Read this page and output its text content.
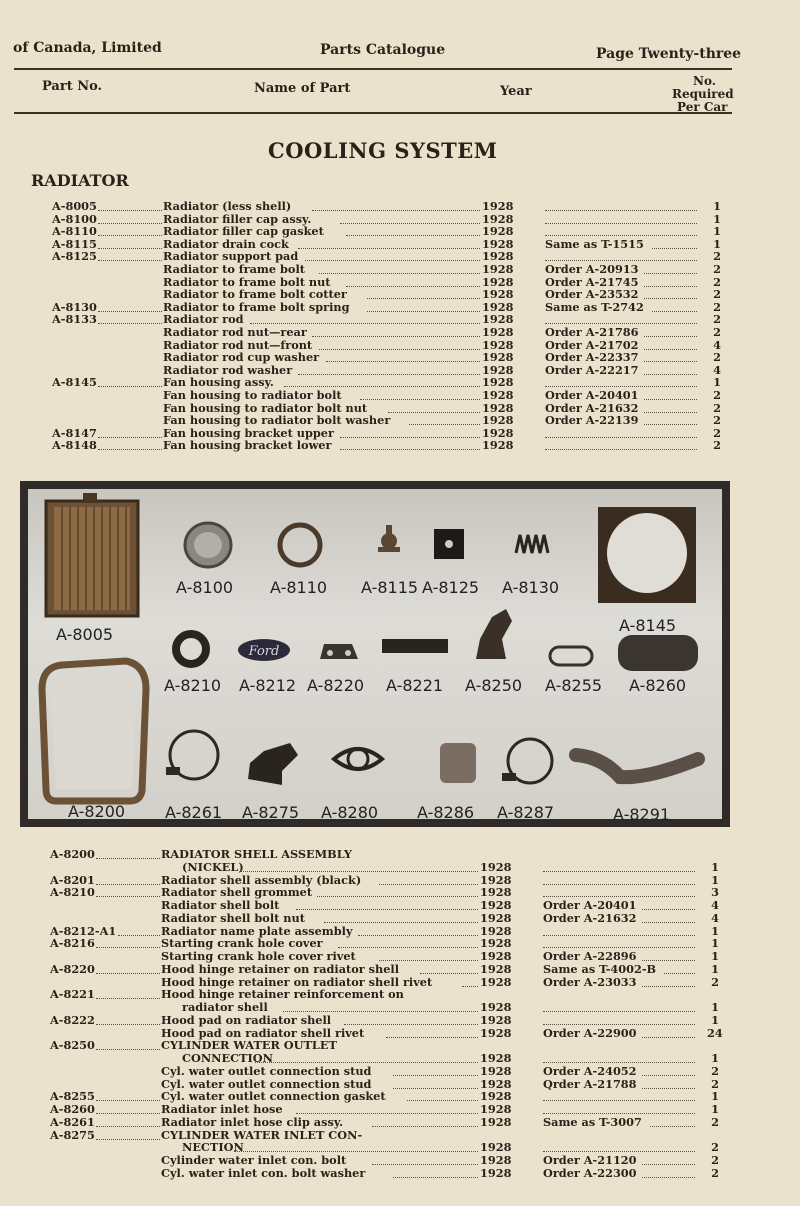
of Canada, Limited	Parts Catalogue	Page Twenty-three
Part No.	Name of Part	Year
No.
Required
Per Car
COOLING SYSTEM
RADIATOR
A-8005	Radiator (less shell)	1928	1
A-8100	Radiator filler cap assy.	1928	1
A-8110	Radiator filler cap gasket	1928	1
A-8115	Radiator drain cock	1928	Same as T-1515	1
A-8125	Radiator support pad	1928	2
Radiator to frame bolt	1928	Order A-20913	2
Radiator to frame bolt nut	1928	Order A-21745	2
Radiator to frame bolt cotter	1928	Order A-23532	2
A-8130	Radiator to frame bolt spring	1928	Same as T-2742	2
A-8133	Radiator rod	1928	2
Radiator rod nut—rear	1928	Order A-21786	2
Radiator rod nut—front	1928	Order A-21702	4
Radiator rod cup washer	1928	Order A-22337	2
Radiator rod washer	1928	Order A-22217	4
A-8145	Fan housing assy.	1928	1
Fan housing to radiator bolt	1928	Order A-20401	2
Fan housing to radiator bolt nut	1928	Order A-21632	2
Fan housing to radiator bolt washer	1928	Order A-22139	2
A-8147	Fan housing bracket upper	1928	2
A-8148	Fan housing bracket lower	1928	2
Ford
A-8005
A-8100 A-8110 A-8115 A-8125 A-8130
A-8145
A-8210 A-8212 A-8220 A-8221 A-8250 A-8255 A-8260
A-8200 A-8261 A-8275 A-8280 A-8286 A-8287	A-8291
A-8200	RADIATOR SHELL ASSEMBLY
(NICKEL)	1928	1
A-8201	Radiator shell assembly (black)	1928	1
A-8210	Radiator shell grommet	1928	3
Radiator shell bolt	1928	Order A-20401	4
Radiator shell bolt nut	1928	Order A-21632	4
A-8212-A1	Radiator name plate assembly	1928	1
A-8216	Starting crank hole cover	1928	1
Starting crank hole cover rivet	1928	Order A-22896	1
A-8220	Hood hinge retainer on radiator shell	1928	Same as T-4002-B	1
Hood hinge retainer on radiator shell rivet	1928	Order A-23033	2
A-8221	Hood hinge retainer reinforcement on
radiator shell	1928	1
A-8222	Hood pad on radiator shell	1928	1
Hood pad on radiator shell rivet	1928	Order A-22900	24
A-8250	CYLINDER WATER OUTLET
CONNECTION	1928	1
Cyl. water outlet connection stud	1928	Order A-24052	2
Cyl. water outlet connection stud	1928	Qrder A-21788	2
A-8255	Cyl. water outlet connection gasket	1928	1
A-8260	Radiator inlet hose	1928	1
A-8261	Radiator inlet hose clip assy.	1928	Same as T-3007	2
A-8275	CYLINDER WATER INLET CON-
NECTION	1928	2
Cylinder water inlet con. bolt	1928	Order A-21120	2
Cyl. water inlet con. bolt washer	1928	Order A-22300	2
